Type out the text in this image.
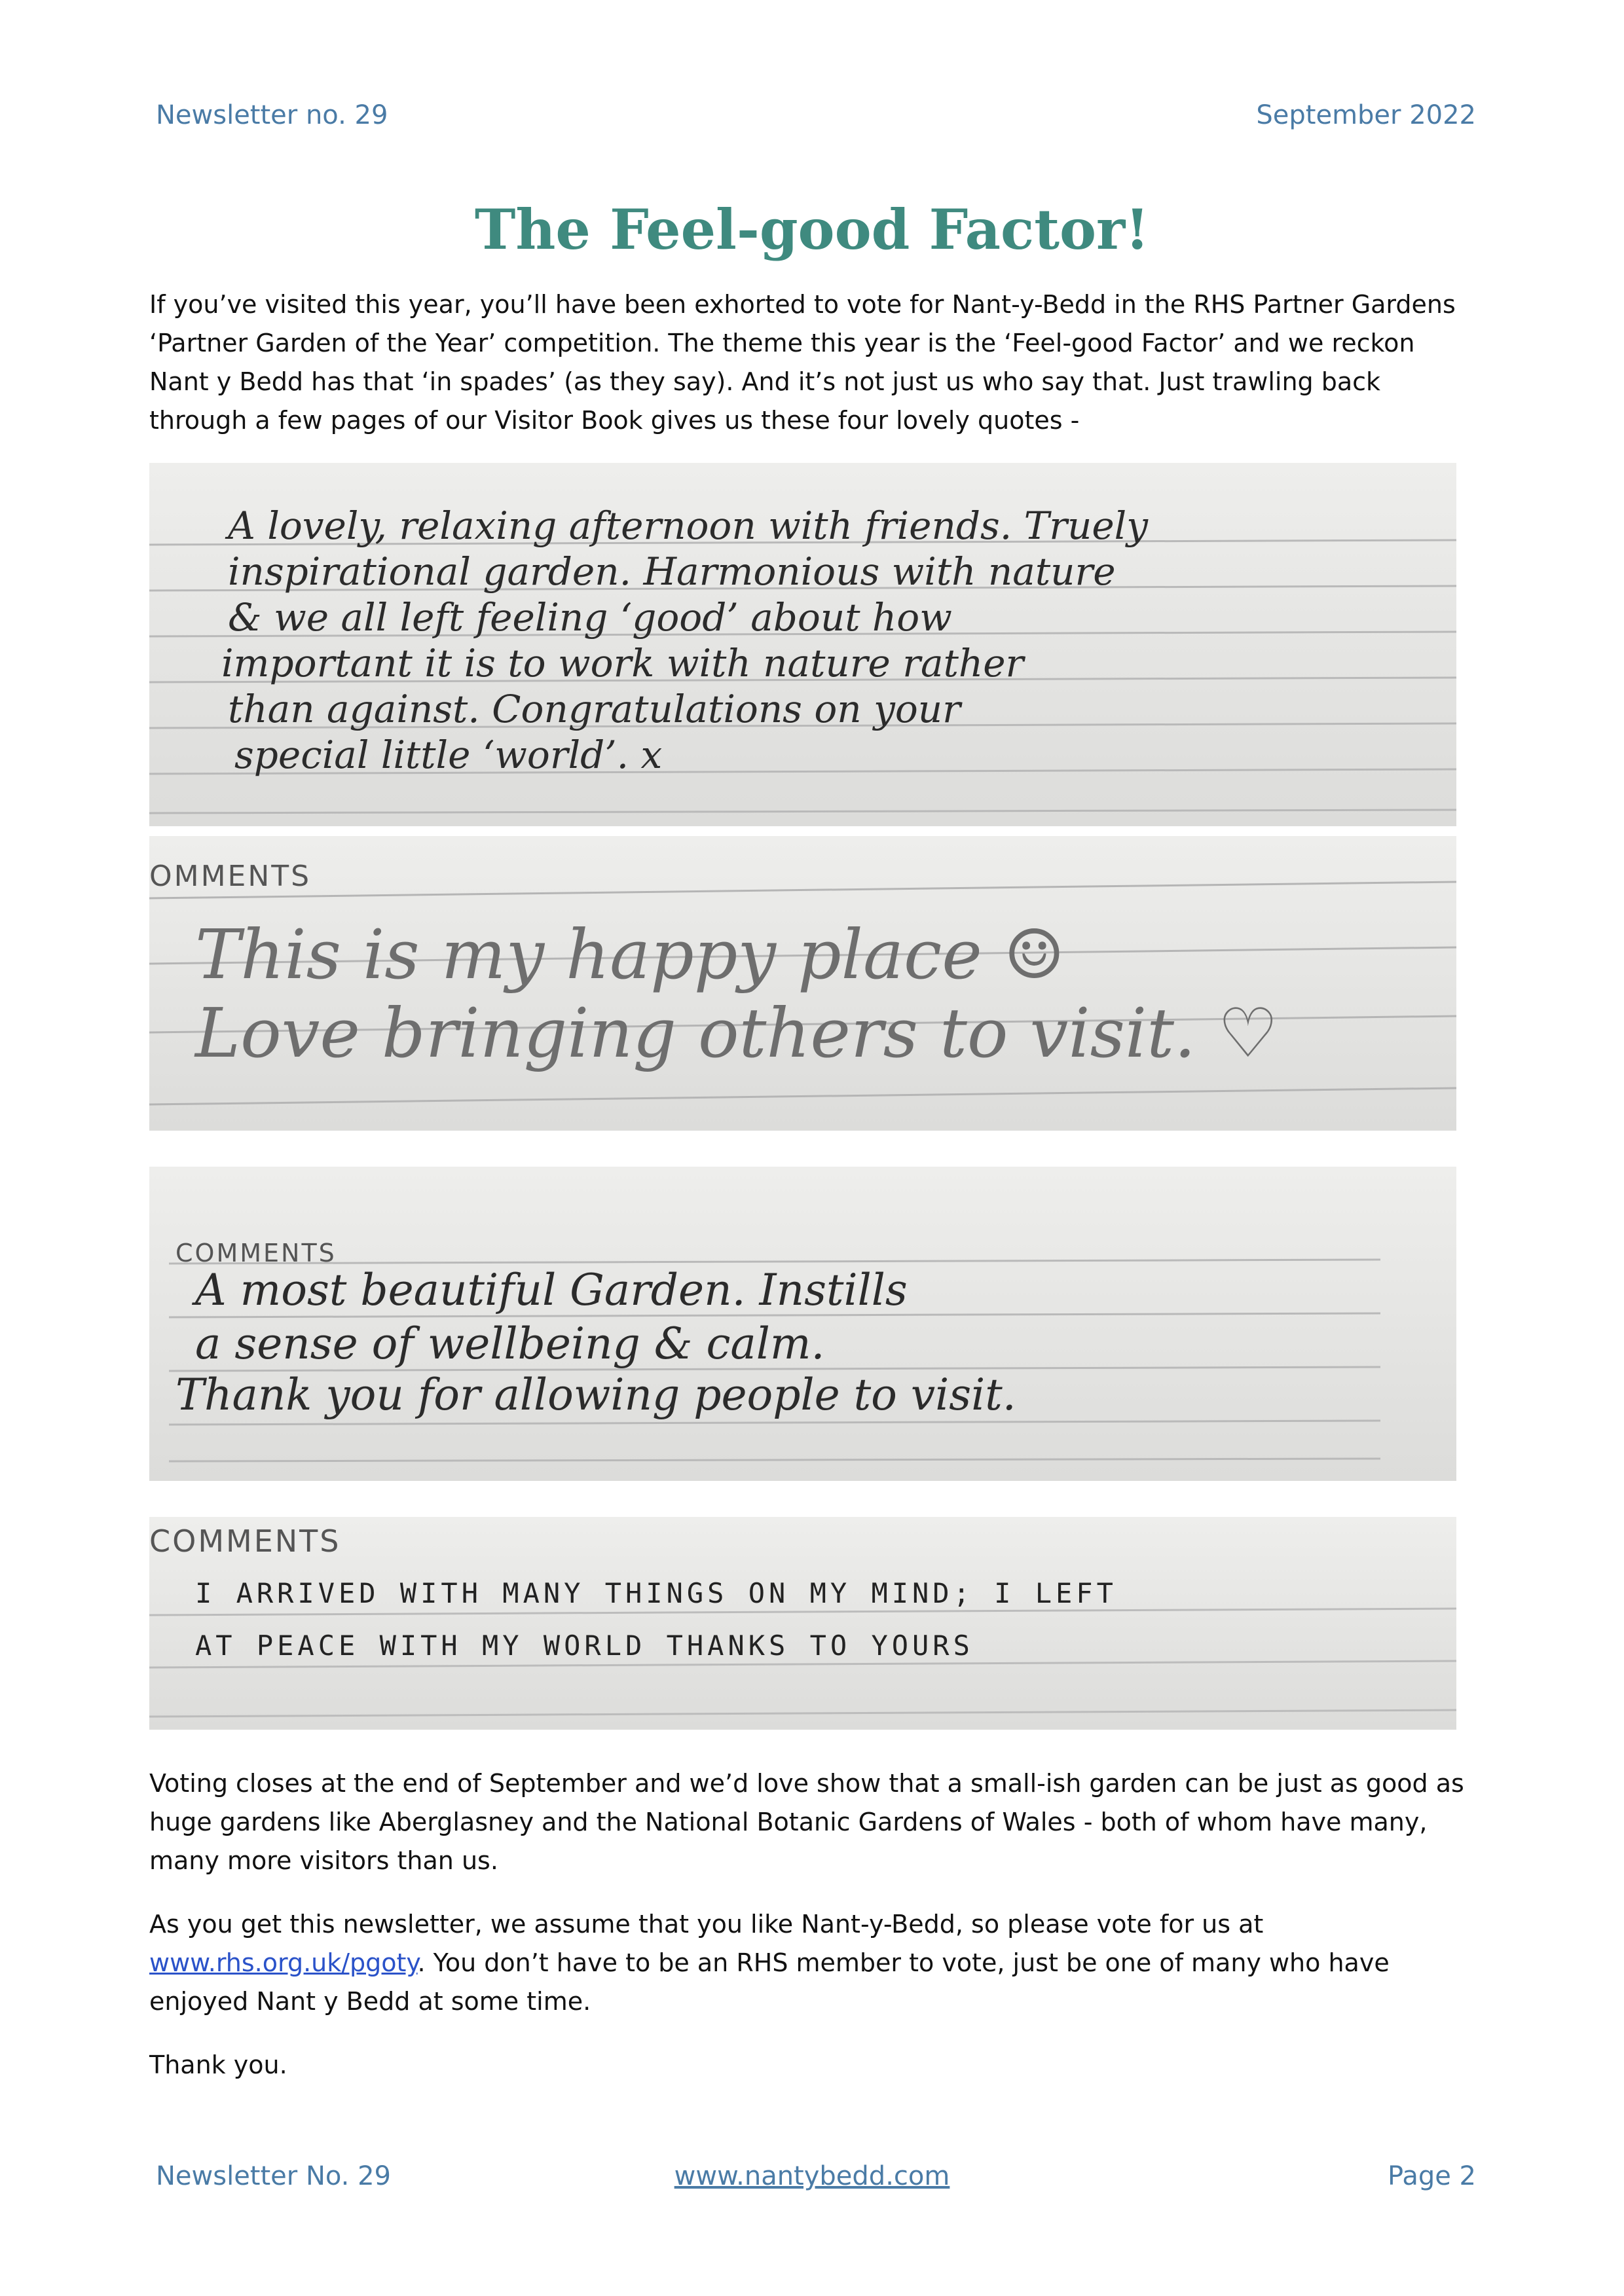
Newsletter no. 29	September 2022
The Feel-good Factor!

If you’ve visited this year, you’ll have been exhorted to vote for Nant-y-Bedd in the RHS Partner Gardens ‘Partner Garden of the Year’ competition. The theme this year is the ‘Feel-good Factor’ and we reckon Nant y Bedd has that ‘in spades’ (as they say). And it’s not just us who say that. Just trawling back through a few pages of our Visitor Book gives us these four lovely quotes -

A lovely, relaxing afternoon with friends. Truely
inspirational garden. Harmonious with nature
& we all left feeling ‘good’ about how
important it is to work with nature rather
than against. Congratulations on your
special little ‘world’. x
OMMENTS
This is my happy place ☺
Love bringing others to visit. ♡
COMMENTS
A most beautiful Garden. Instills
a sense of wellbeing & calm.
Thank you for allowing people to visit.
COMMENTS
I ARRIVED WITH MANY THINGS ON MY MIND; I LEFT
AT PEACE WITH MY WORLD THANKS TO YOURS

Voting closes at the end of September and we’d love show that a small-ish garden can be just as good as huge gardens like Aberglasney and the National Botanic Gardens of Wales - both of whom have many, many more visitors than us.

As you get this newsletter, we assume that you like Nant-y-Bedd, so please vote for us at www.rhs.org.uk/pgoty. You don’t have to be an RHS member to vote, just be one of many who have enjoyed Nant y Bedd at some time.

Thank you.

Newsletter No. 29	www.nantybedd.com	Page 2
